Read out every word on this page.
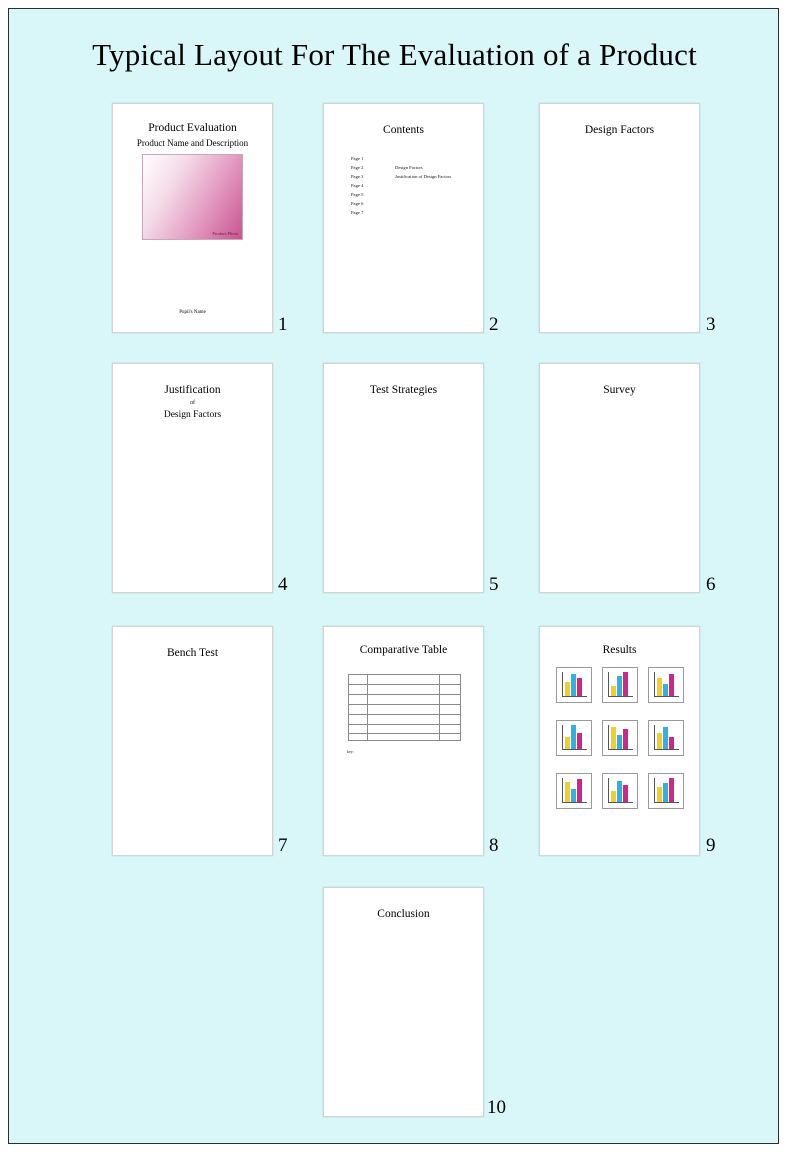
Typical Layout For The Evaluation of a Product
Product Evaluation
Product Name and Description
Product Photo
Pupil's Name
1
Contents
Page 1
Page 2	Design Factors
Page 3	Justification of Design Factors
Page 4
Page 5
Page 6
Page 7
2
Design Factors
3
Justification
of
Design Factors
4
Test Strategies
5
Survey
6
Bench Test
7
Comparative Table
key:
8
Results
9
Conclusion
10
